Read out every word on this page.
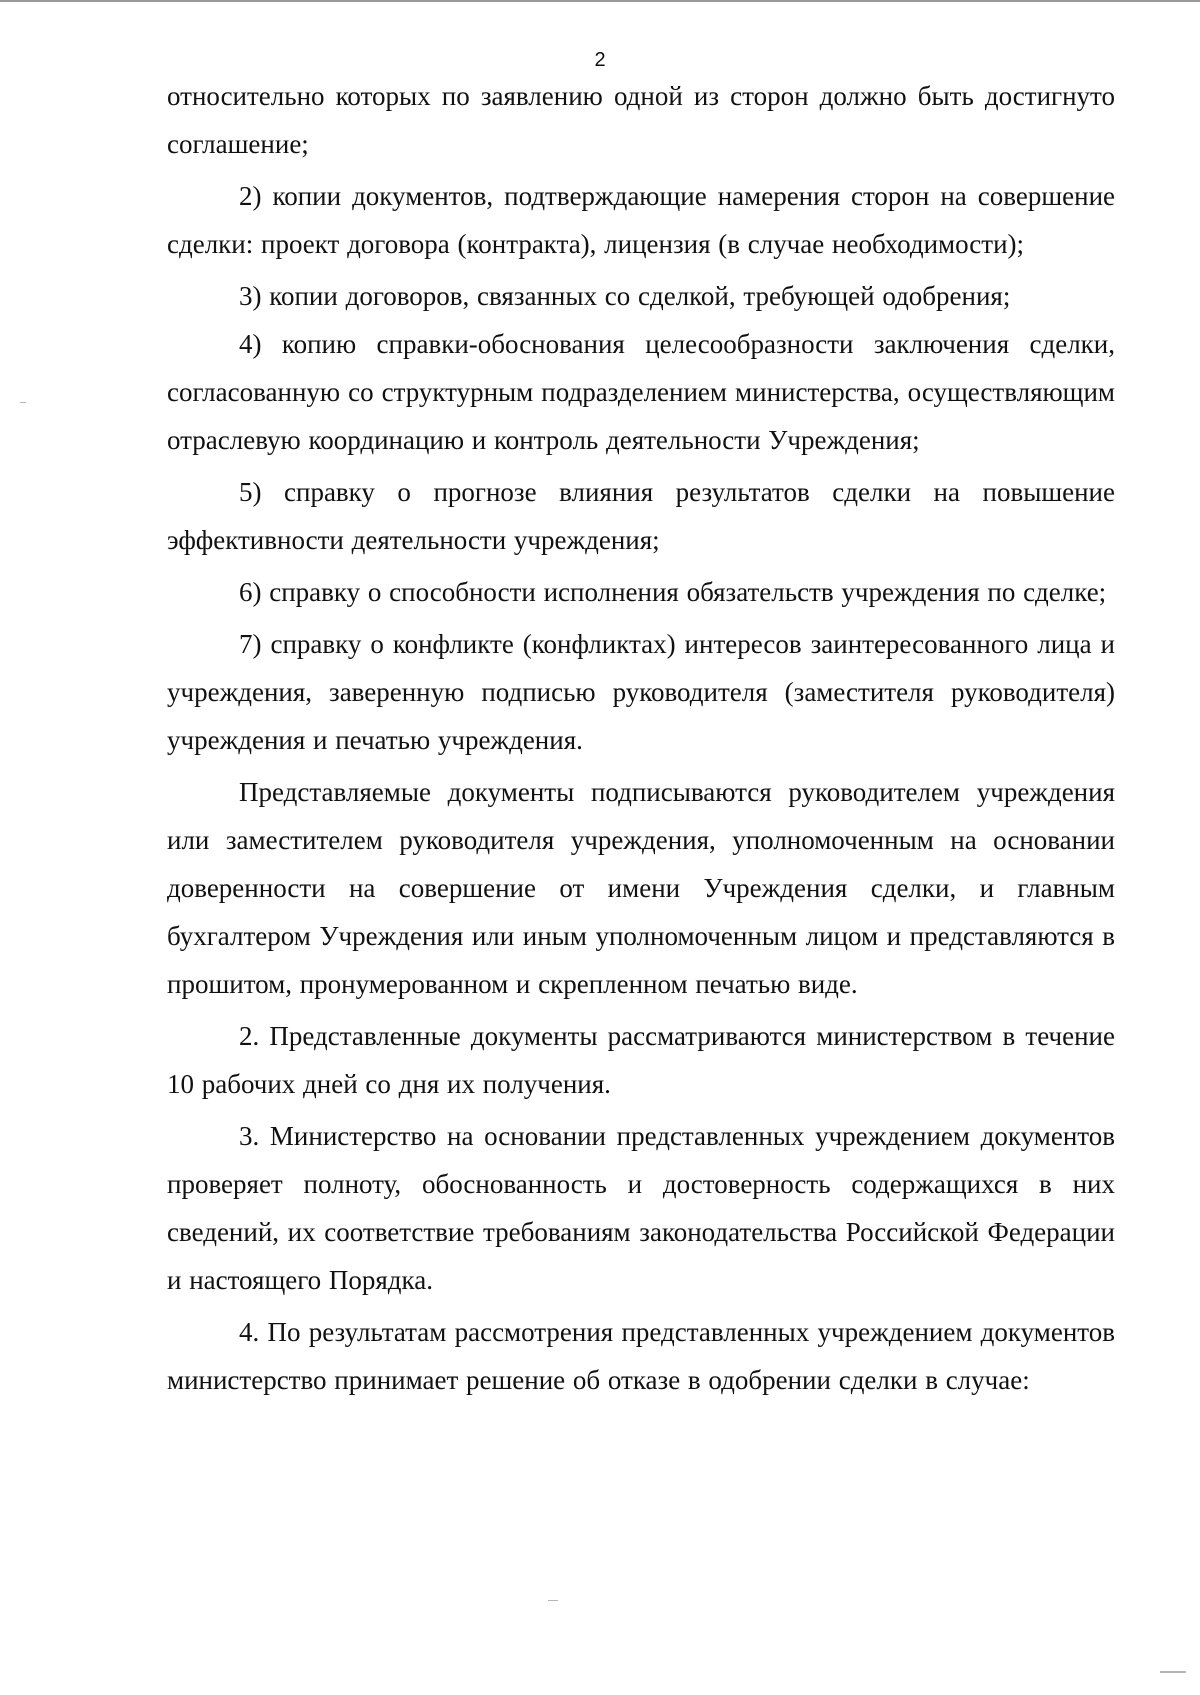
2

относительно которых по заявлению одной из сторон должно быть достигнуто соглашение;

2) копии документов, подтверждающие намерения сторон на совершение сделки: проект договора (контракта), лицензия (в случае необходимости);

3) копии договоров, связанных со сделкой, требующей одобрения;

4) копию справки-обоснования целесообразности заключения сделки, согласованную со структурным подразделением министерства, осуществляющим отраслевую координацию и контроль деятельности Учреждения;

5) справку о прогнозе влияния результатов сделки на повышение эффективности деятельности учреждения;

6) справку о способности исполнения обязательств учреждения по сделке;

7) справку о конфликте (конфликтах) интересов заинтересованного лица и учреждения, заверенную подписью руководителя (заместителя руководителя) учреждения и печатью учреждения.

Представляемые документы подписываются руководителем учреждения или заместителем руководителя учреждения, уполномоченным на основании доверенности на совершение от имени Учреждения сделки, и главным бухгалтером Учреждения или иным уполномоченным лицом и представляются в прошитом, пронумерованном и скрепленном печатью виде.

2. Представленные документы рассматриваются министерством в течение 10 рабочих дней со дня их получения.

3. Министерство на основании представленных учреждением документов проверяет полноту, обоснованность и достоверность содержащихся в них сведений, их соответствие требованиям законодательства Российской Федерации и настоящего Порядка.

4. По результатам рассмотрения представленных учреждением документов министерство принимает решение об отказе в одобрении сделки в случае:
